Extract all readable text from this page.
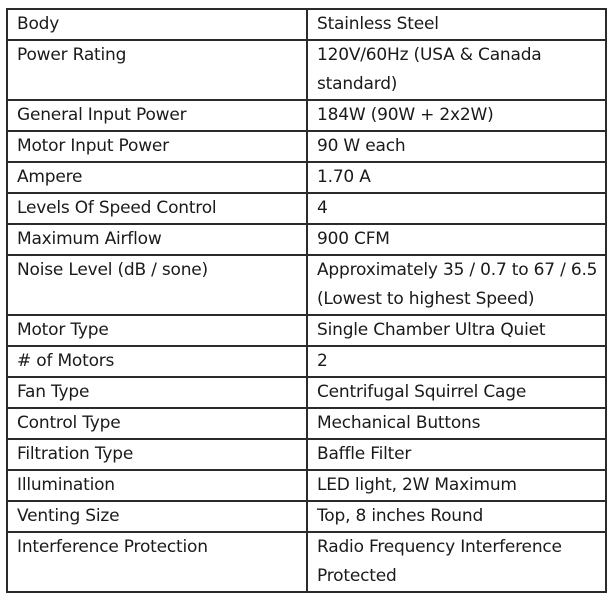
Body	Stainless Steel
Power Rating	120V/60Hz (USA & Canada standard)
General Input Power	184W (90W + 2x2W)
Motor Input Power	90 W each
Ampere	1.70 A
Levels Of Speed Control	4
Maximum Airflow	900 CFM
Noise Level (dB / sone)	Approximately 35 / 0.7 to 67 / 6.5 (Lowest to highest Speed)
Motor Type	Single Chamber Ultra Quiet
# of Motors	2
Fan Type	Centrifugal Squirrel Cage
Control Type	Mechanical Buttons
Filtration Type	Baffle Filter
Illumination	LED light, 2W Maximum
Venting Size	Top, 8 inches Round
Interference Protection	Radio Frequency Interference Protected
